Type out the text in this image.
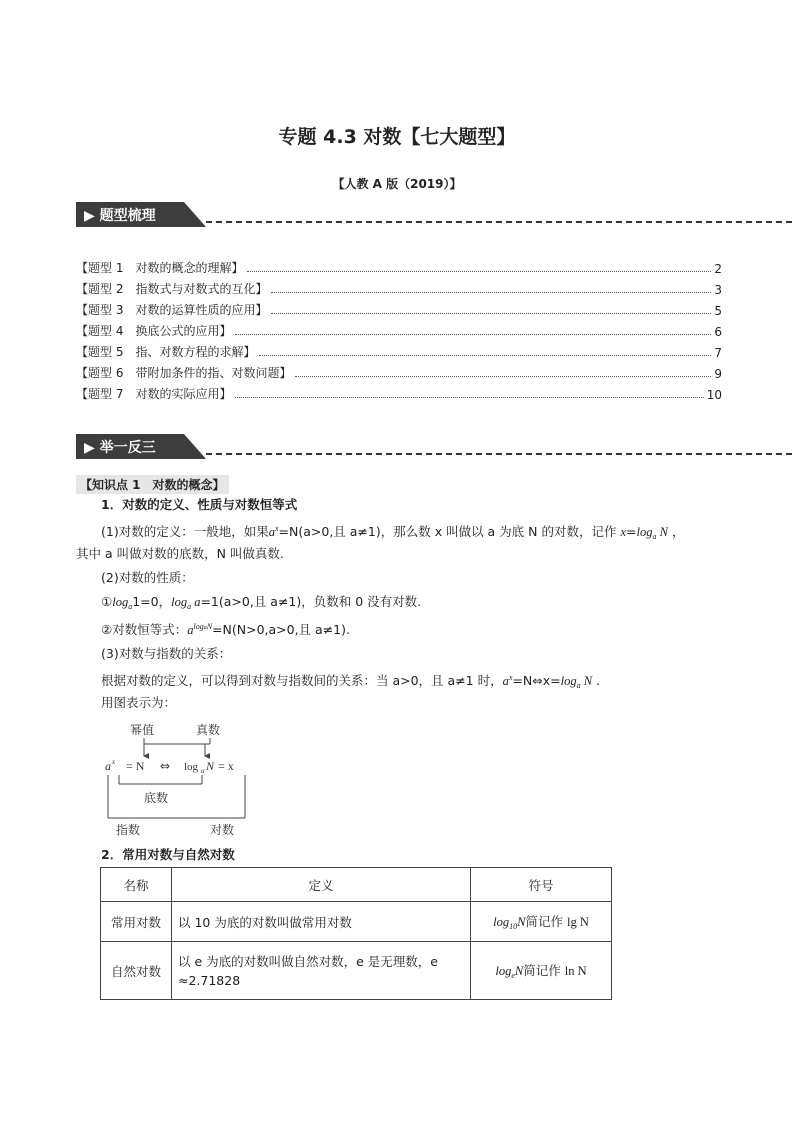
专题 4.3 对数【七大题型】
【人教 A 版（2019）】
▶ 题型梳理
【题型 1　对数的概念的理解】	2
【题型 2　指数式与对数式的互化】	3
【题型 3　对数的运算性质的应用】	5
【题型 4　换底公式的应用】	6
【题型 5　指、对数方程的求解】	7
【题型 6　带附加条件的指、对数问题】	9
【题型 7　对数的实际应用】	10
▶ 举一反三
【知识点 1　对数的概念】
1．对数的定义、性质与对数恒等式
(1)对数的定义：一般地，如果$a^x=N(a>0$,且 a≠1)，那么数 x 叫做以 a 为底 N 的对数，记作 $x=\log_a$ N ，
其中 a 叫做对数的底数，N 叫做真数.
(2)对数的性质：
$①\log_a1=0$，$\log_a a=1(a>0$,且 a≠1)，负数和 0 没有对数.
②对数恒等式：$a^{logaN}=N(N>0,a>0$,且 a≠1).
(3)对数与指数的关系：
根据对数的定义，可以得到对数与指数间的关系：当 a>0，且 a≠1 时，$a^x=N\Leftrightarrow x=\log_a$ N .
用图表示为：
幂值	真数
a x = N ⇔ log a N = x
底数
指数	对数
2．常用对数与自然对数
名称	定义	符号
常用对数	以 10 为底的对数叫做常用对数	$\log_{10}N$简记作 lg N
自然对数	以 e 为底的对数叫做自然对数，e 是无理数，e ≈2.71828	$\log_eN$简记作 ln N
